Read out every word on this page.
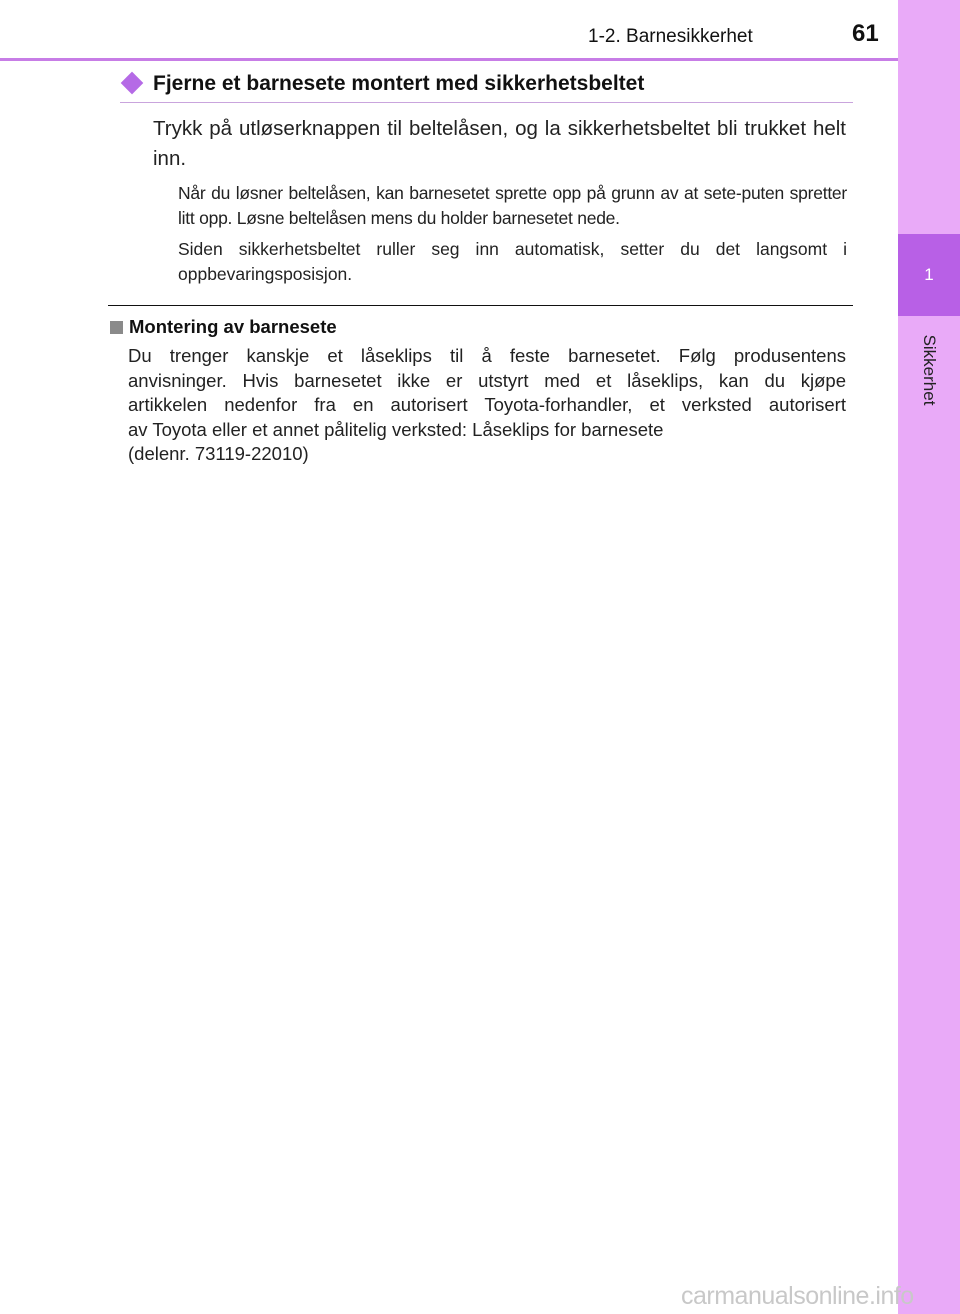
1
Sikkerhet
1-2. Barnesikkerhet	61
Fjerne et barnesete montert med sikkerhetsbeltet

Trykk på utløserknappen til beltelåsen, og la sikkerhetsbeltet bli trukket helt inn.

Når du løsner beltelåsen, kan barnesetet sprette opp på grunn av at sete-puten spretter litt opp. Løsne beltelåsen mens du holder barnesetet nede.

Siden sikkerhetsbeltet ruller seg inn automatisk, setter du det langsomt i oppbevaringsposisjon.

Montering av barnesete

Du trenger kanskje et låseklips til å feste barnesetet. Følg produsentens
anvisninger. Hvis barnesetet ikke er utstyrt med et låseklips, kan du kjøpe
artikkelen nedenfor fra en autorisert Toyota-forhandler, et verksted autorisert
av Toyota eller et annet pålitelig verksted: Låseklips for barnesete
(delenr. 73119-22010)

carmanualsonline.info
